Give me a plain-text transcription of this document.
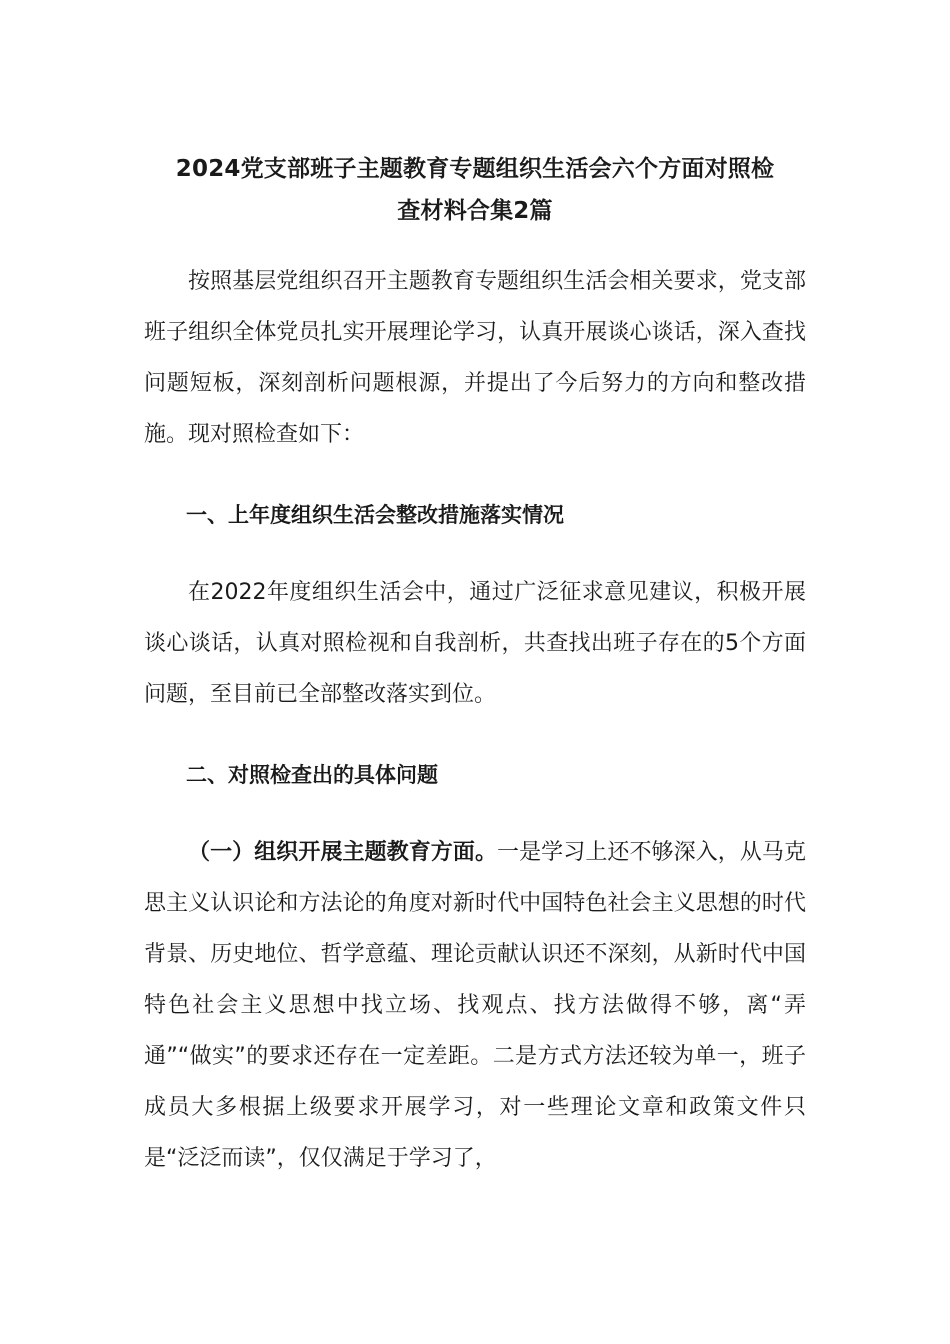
2024党支部班子主题教育专题组织生活会六个方面对照检
查材料合集2篇

按照基层党组织召开主题教育专题组织生活会相关要求，党支部班子组织全体党员扎实开展理论学习，认真开展谈心谈话，深入查找问题短板，深刻剖析问题根源，并提出了今后努力的方向和整改措施。现对照检查如下：

一、上年度组织生活会整改措施落实情况

在2022年度组织生活会中，通过广泛征求意见建议，积极开展谈心谈话，认真对照检视和自我剖析，共查找出班子存在的5个方面问题，至目前已全部整改落实到位。

二、对照检查出的具体问题

（一）组织开展主题教育方面。一是学习上还不够深入，从马克思主义认识论和方法论的角度对新时代中国特色社会主义思想的时代背景、历史地位、哲学意蕴、理论贡献认识还不深刻，从新时代中国特色社会主义思想中找立场、找观点、找方法做得不够，离“弄通”“做实”的要求还存在一定差距。二是方式方法还较为单一，班子成员大多根据上级要求开展学习，对一些理论文章和政策文件只是“泛泛而读”，仅仅满足于学习了，
